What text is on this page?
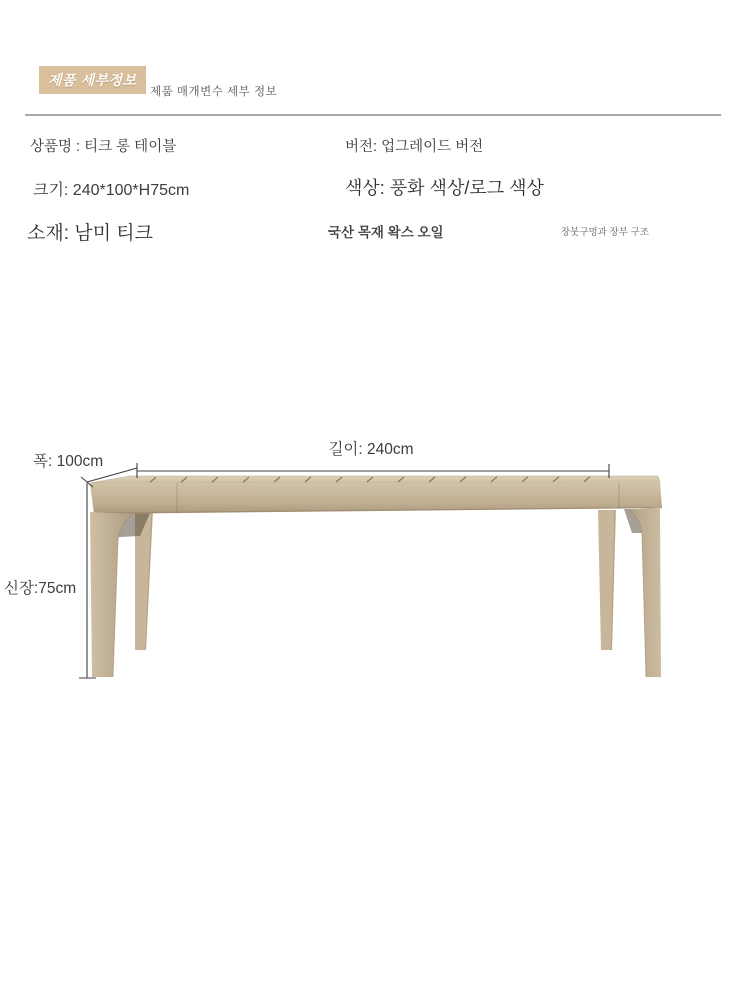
제품 세부정보
제품 매개변수 세부 정보
상품명 : 티크 롱 테이블	버전: 업그레이드 버전
크기: 240*100*H75cm	색상: 풍화 색상/로그 색상
소재: 남미 티크	국산 목재 왁스 오일	장붓구멍과 장부 구조
길이: 240cm
폭: 100cm
신장:75cm
